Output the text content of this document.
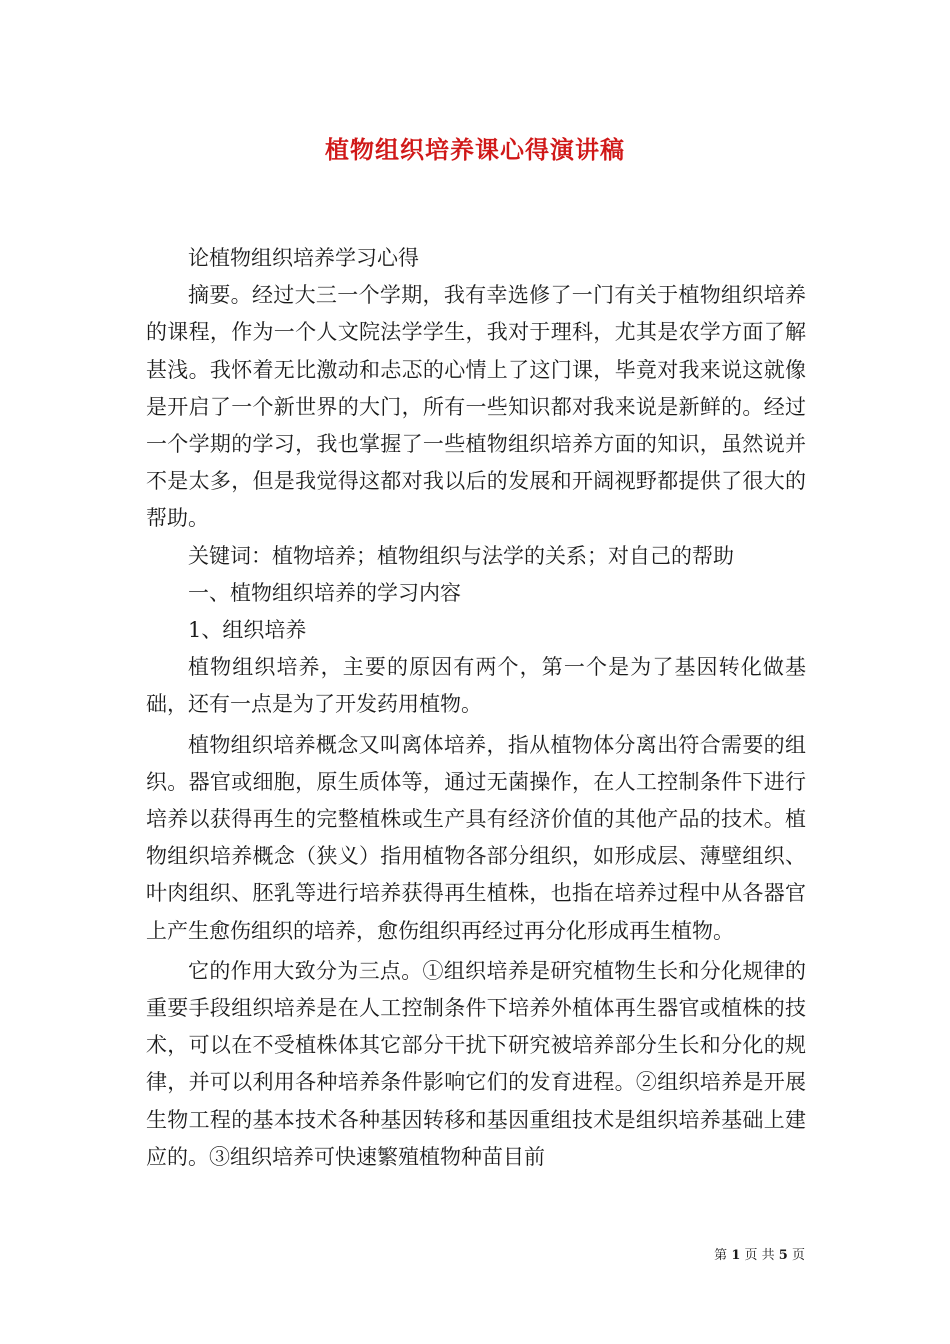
植物组织培养课心得演讲稿

论植物组织培养学习心得

摘要。经过大三一个学期，我有幸选修了一门有关于植物组织培养的课程，作为一个人文院法学学生，我对于理科，尤其是农学方面了解甚浅。我怀着无比激动和忐忑的心情上了这门课，毕竟对我来说这就像是开启了一个新世界的大门，所有一些知识都对我来说是新鲜的。经过一个学期的学习，我也掌握了一些植物组织培养方面的知识，虽然说并不是太多，但是我觉得这都对我以后的发展和开阔视野都提供了很大的帮助。

关键词：植物培养；植物组织与法学的关系；对自己的帮助

一、植物组织培养的学习内容

1、组织培养

植物组织培养，主要的原因有两个，第一个是为了基因转化做基础，还有一点是为了开发药用植物。

植物组织培养概念又叫离体培养，指从植物体分离出符合需要的组织。器官或细胞，原生质体等，通过无菌操作，在人工控制条件下进行培养以获得再生的完整植株或生产具有经济价值的其他产品的技术。植物组织培养概念（狭义）指用植物各部分组织，如形成层、薄壁组织、叶肉组织、胚乳等进行培养获得再生植株，也指在培养过程中从各器官上产生愈伤组织的培养，愈伤组织再经过再分化形成再生植物。

它的作用大致分为三点。①组织培养是研究植物生长和分化规律的重要手段组织培养是在人工控制条件下培养外植体再生器官或植株的技术，可以在不受植株体其它部分干扰下研究被培养部分生长和分化的规律，并可以利用各种培养条件影响它们的发育进程。②组织培养是开展生物工程的基本技术各种基因转移和基因重组技术是组织培养基础上建应的。③组织培养可快速繁殖植物种苗目前

第 1 页 共 5 页
